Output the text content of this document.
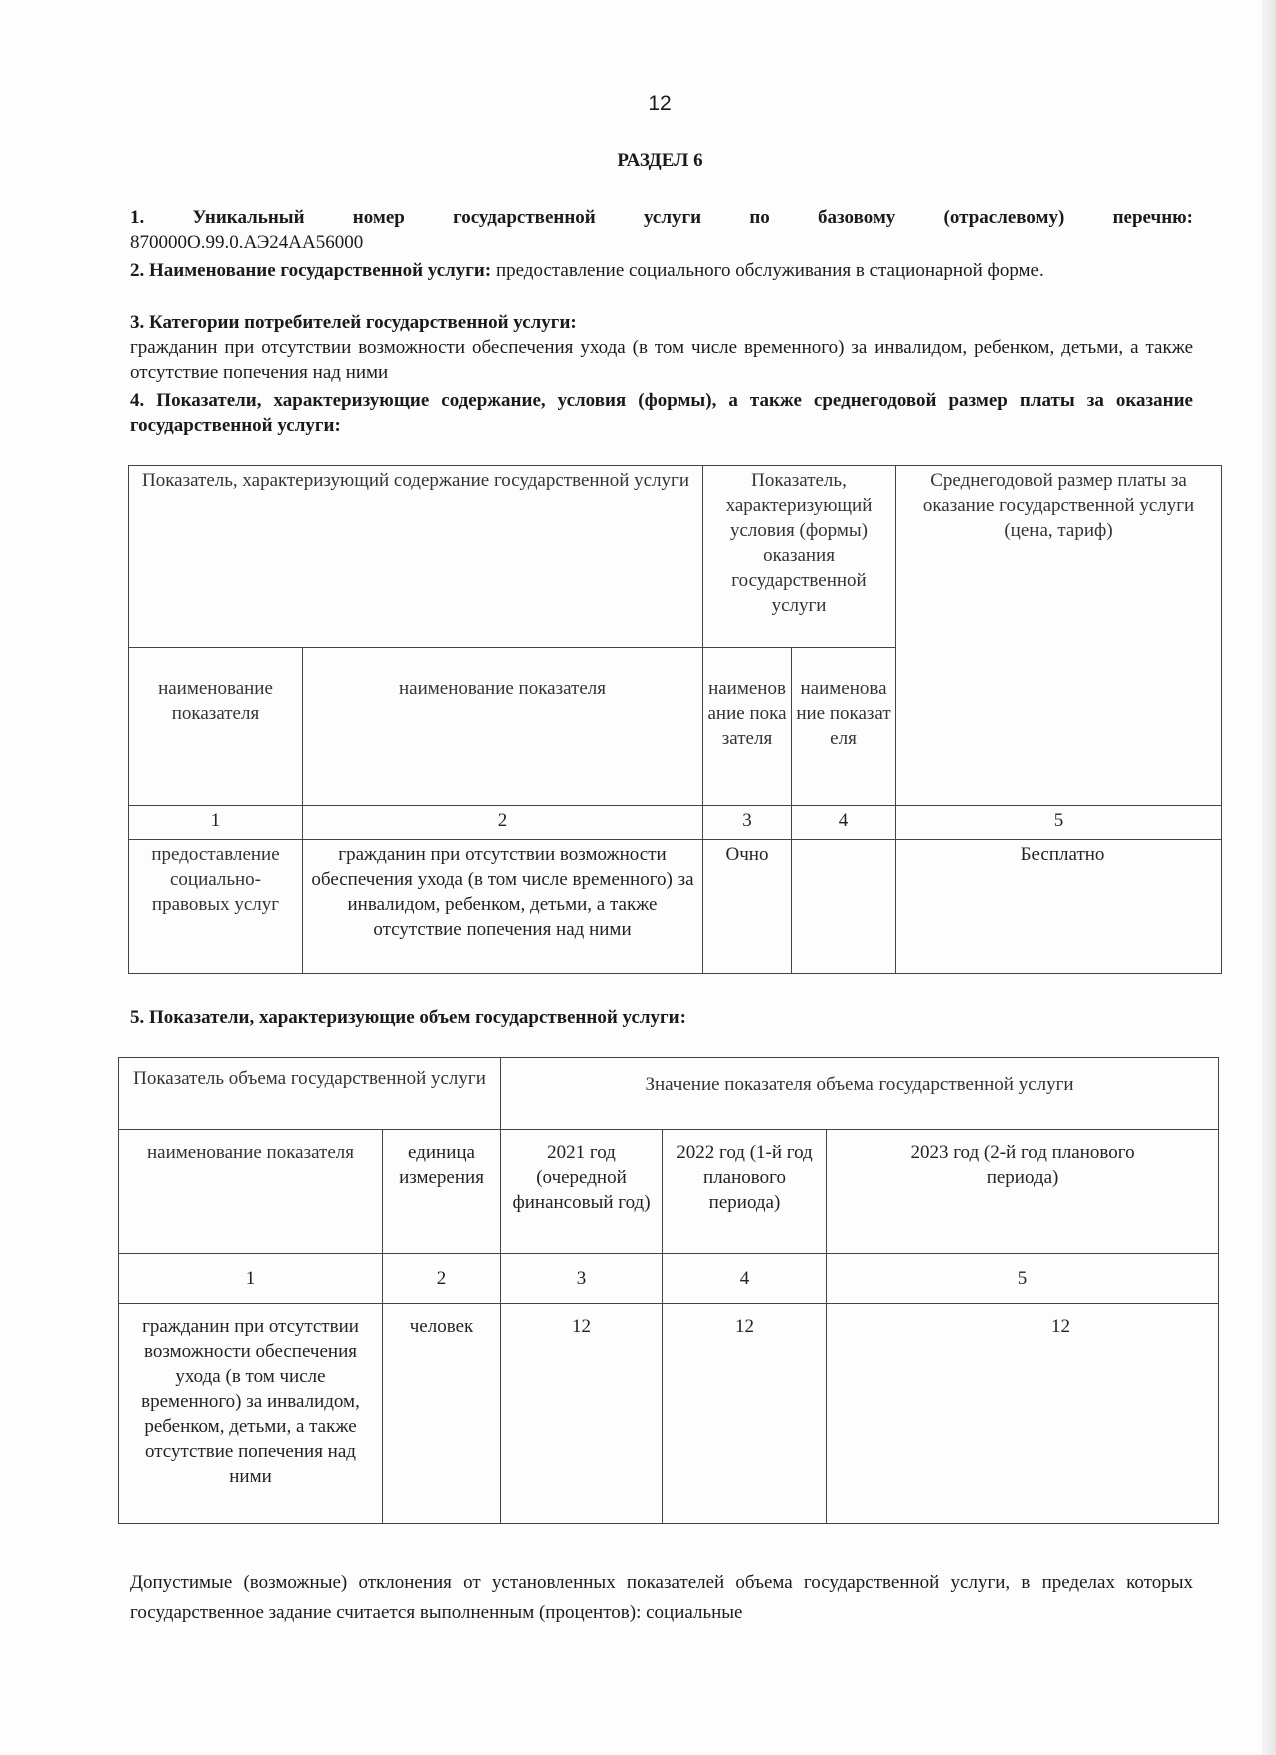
12
РАЗДЕЛ 6
1. Уникальный номер государственной услуги по базовому (отраслевому) перечню:
870000О.99.0.АЭ24АА56000
2. Наименование государственной услуги: предоставление социального обслуживания в стационарной форме.
3. Категории потребителей государственной услуги:
гражданин при отсутствии возможности обеспечения ухода (в том числе временного) за инвалидом, ребенком, детьми, а также отсутствие попечения над ними
4. Показатели, характеризующие содержание, условия (формы), а также среднегодовой размер платы за оказание государственной услуги:
Показатель, характеризующий содержание государственной услуги		Показатель, характеризующий условия (формы) оказания государственной услуги		Среднегодовой размер платы за оказание государственной услуги (цена, тариф)
наименование показателя	наименование показателя	наименование показателя	наименование показателя	
1	2	3	4	5
предоставление социально-правовых услуг	гражданин при отсутствии возможности обеспечения ухода (в том числе временного) за инвалидом, ребенком, детьми, а также отсутствие попечения над ними	Очно		Бесплатно
5. Показатели, характеризующие объем государственной услуги:
Показатель объема государственной услуги		Значение показателя объема государственной услуги		
наименование показателя	единица измерения	2021 год (очередной финансовый год)	2022 год (1-й год планового периода)	2023 год (2-й год планового периода)
1	2	3	4	5
гражданин при отсутствии возможности обеспечения ухода (в том числе временного) за инвалидом, ребенком, детьми, а также отсутствие попечения над ними	человек	12	12	12
Допустимые (возможные) отклонения от установленных показателей объема государственной услуги, в пределах которых государственное задание считается выполненным (процентов): социальные
